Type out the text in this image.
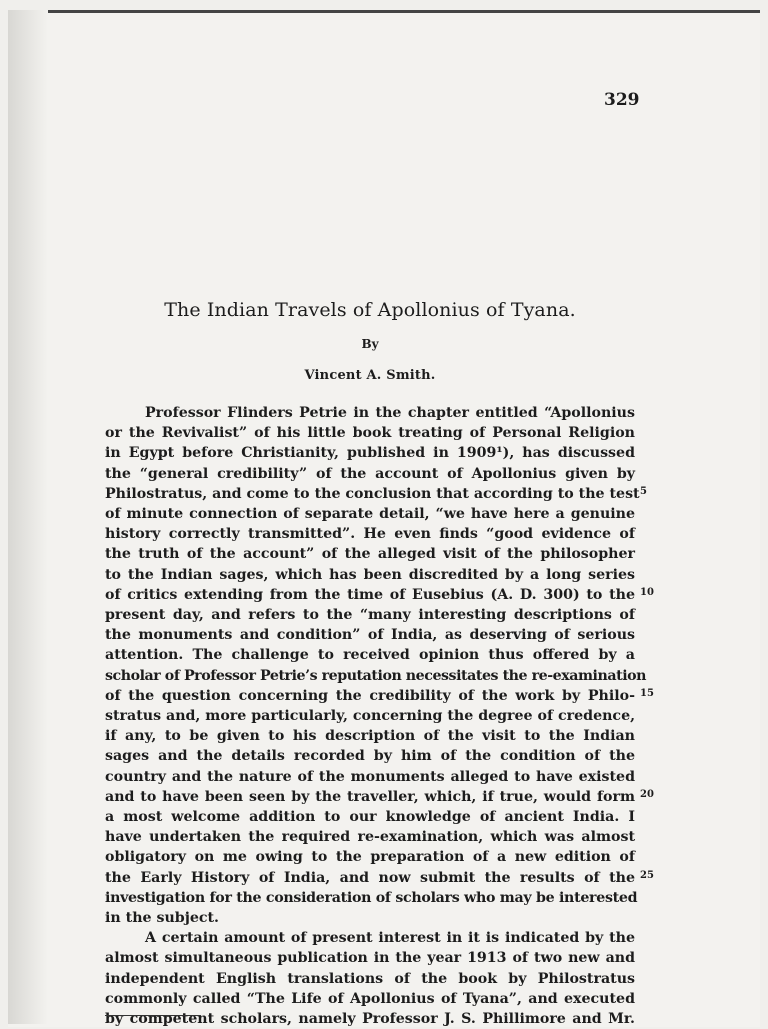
329
The Indian Travels of Apollonius of Tyana.
By
Vincent A. Smith.
Professor Flinders Petrie in the chapter entitled “Apollonius
or the Revivalist” of his little book treating of Personal Religion
in Egypt before Christianity, published in 1909¹), has discussed
the “general credibility” of the account of Apollonius given by
Philostratus, and come to the conclusion that according to the test
of minute connection of separate detail, “we have here a genuine
history correctly transmitted”. He even finds “good evidence of
the truth of the account” of the alleged visit of the philosopher
to the Indian sages, which has been discredited by a long series
of critics extending from the time of Eusebius (A. D. 300) to the
present day, and refers to the “many interesting descriptions of
the monuments and condition” of India, as deserving of serious
attention. The challenge to received opinion thus offered by a
scholar of Professor Petrie’s reputation necessitates the re-examination
of the question concerning the credibility of the work by Philo-
stratus and, more particularly, concerning the degree of credence,
if any, to be given to his description of the visit to the Indian
sages and the details recorded by him of the condition of the
country and the nature of the monuments alleged to have existed
and to have been seen by the traveller, which, if true, would form
a most welcome addition to our knowledge of ancient India. I
have undertaken the required re-examination, which was almost
obligatory on me owing to the preparation of a new edition of
the Early History of India, and now submit the results of the
investigation for the consideration of scholars who may be interested
in the subject.
A certain amount of present interest in it is indicated by the
almost simultaneous publication in the year 1913 of two new and
independent English translations of the book by Philostratus
commonly called “The Life of Apollonius of Tyana”, and executed
by competent scholars, namely Professor J. S. Phillimore and Mr.
5
10
15
20
25
